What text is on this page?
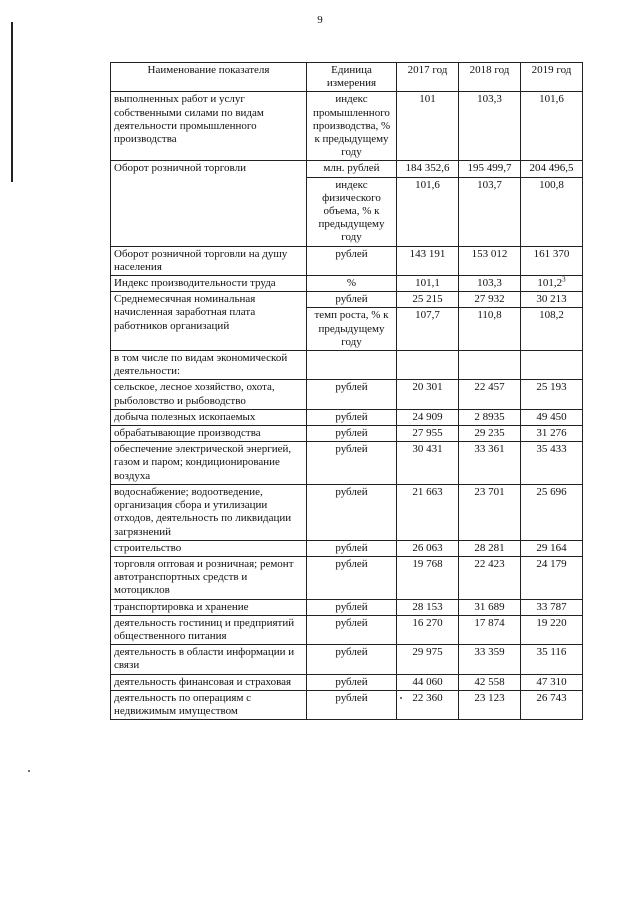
9
Наименование показателя	Единица измерения	2017 год	2018 год	2019 год
выполненных работ и услуг собственными силами по видам деятельности промышленного производства	индекс промышленного производства, % к предыдущему году	101	103,3	101,6
Оборот розничной торговли	млн. рублей	184 352,6	195 499,7	204 496,5
	индекс физического объема, % к предыдущему году	101,6	103,7	100,8
Оборот розничной торговли на душу населения	рублей	143 191	153 012	161 370
Индекс производительности труда	%	101,1	103,3	101,2$^3$
Среднемесячная номинальная начисленная заработная плата работников организаций	рублей	25 215	27 932	30 213
	темп роста, % к предыдущему году	107,7	110,8	108,2
в том числе по видам экономической деятельности:				
сельское, лесное хозяйство, охота, рыболовство и рыбоводство	рублей	20 301	22 457	25 193
добыча полезных ископаемых	рублей	24 909	2 8935	49 450
обрабатывающие производства	рублей	27 955	29 235	31 276
обеспечение электрической энергией, газом и паром; кондиционирование воздуха	рублей	30 431	33 361	35 433
водоснабжение; водоотведение, организация сбора и утилизации отходов, деятельность по ликвидации загрязнений	рублей	21 663	23 701	25 696
строительство	рублей	26 063	28 281	29 164
торговля оптовая и розничная; ремонт автотранспортных средств и мотоциклов	рублей	19 768	22 423	24 179
транспортировка и хранение	рублей	28 153	31 689	33 787
деятельность гостиниц и предприятий общественного питания	рублей	16 270	17 874	19 220
деятельность в области информации и связи	рублей	29 975	33 359	35 116
деятельность финансовая и страховая	рублей	44 060	42 558	47 310
деятельность по операциям с недвижимым имуществом	рублей	22 360	23 123	26 743
